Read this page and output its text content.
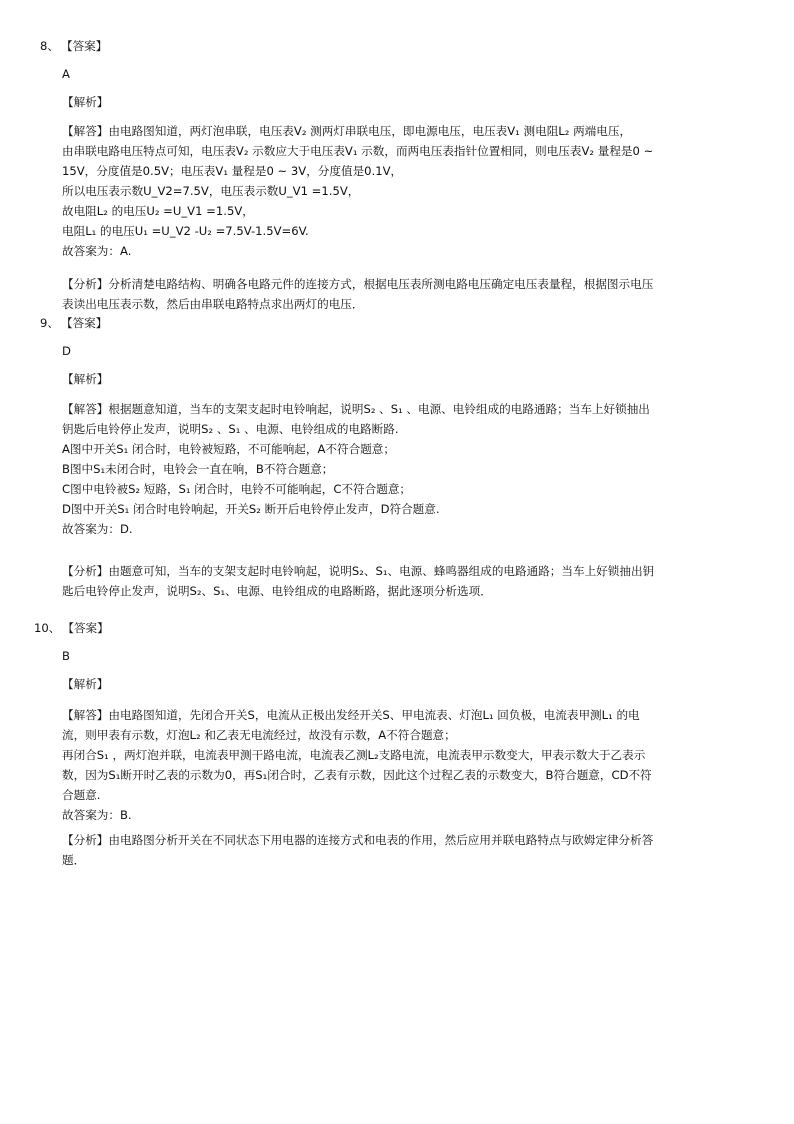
8、 【答案】
A
【解析】
【解答】由电路图知道，两灯泡串联，电压表V₂ 测两灯串联电压，即电源电压，电压表V₁ 测电阻L₂ 两端电压，
由串联电路电压特点可知，电压表V₂ 示数应大于电压表V₁ 示数，而两电压表指针位置相同，则电压表V₂ 量程是0 ~
15V，分度值是0.5V；电压表V₁ 量程是0 ~ 3V，分度值是0.1V，
所以电压表示数U_V2=7.5V，电压表示数U_V1 =1.5V，
故电阻L₂ 的电压U₂ =U_V1 =1.5V，
电阻L₁ 的电压U₁ =U_V2 -U₂ =7.5V-1.5V=6V.
故答案为：A.
【分析】分析清楚电路结构、明确各电路元件的连接方式，根据电压表所测电路电压确定电压表量程，根据图示电压
表读出电压表示数，然后由串联电路特点求出两灯的电压．
9、 【答案】
D
【解析】
【解答】根据题意知道，当车的支架支起时电铃响起，说明S₂ 、S₁ 、电源、电铃组成的电路通路；当车上好锁抽出
钥匙后电铃停止发声，说明S₂ 、S₁ 、电源、电铃组成的电路断路.
A图中开关S₁ 闭合时，电铃被短路，不可能响起，A不符合题意；
B图中S₁未闭合时，电铃会一直在响，B不符合题意；
C图中电铃被S₂ 短路，S₁ 闭合时，电铃不可能响起，C不符合题意；
D图中开关S₁ 闭合时电铃响起，开关S₂ 断开后电铃停止发声，D符合题意.
故答案为：D.
【分析】由题意可知，当车的支架支起时电铃响起，说明S₂、S₁、电源、蜂鸣器组成的电路通路；当车上好锁抽出钥
匙后电铃停止发声，说明S₂、S₁、电源、电铃组成的电路断路，据此逐项分析选项．
10、 【答案】
B
【解析】
【解答】由电路图知道，先闭合开关S，电流从正极出发经开关S、甲电流表、灯泡L₁ 回负极，电流表甲测L₁ 的电
流，则甲表有示数，灯泡L₂ 和乙表无电流经过，故没有示数，A不符合题意；
再闭合S₁ ，两灯泡并联，电流表甲测干路电流，电流表乙测L₂支路电流，电流表甲示数变大，甲表示数大于乙表示
数，因为S₁断开时乙表的示数为0，再S₁闭合时，乙表有示数，因此这个过程乙表的示数变大，B符合题意，CD不符
合题意.
故答案为：B.
【分析】由电路图分析开关在不同状态下用电器的连接方式和电表的作用，然后应用并联电路特点与欧姆定律分析答
题．
